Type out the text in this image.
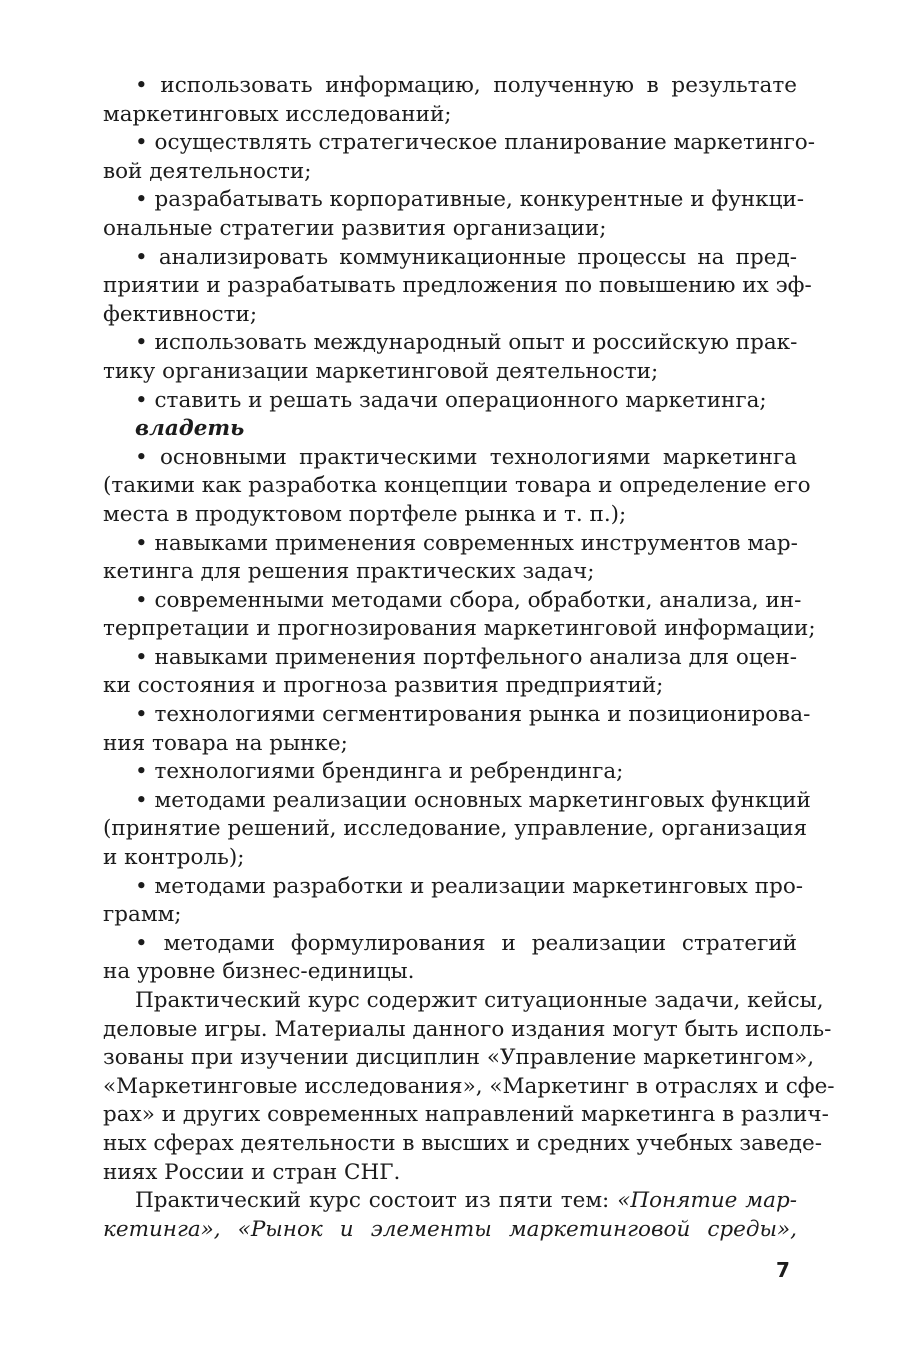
• использовать информацию, полученную в результате
маркетинговых исследований;
• осуществлять стратегическое планирование маркетинго-
вой деятельности;
• разрабатывать корпоративные, конкурентные и функци-
ональные стратегии развития организации;
• анализировать коммуникационные процессы на пред-
приятии и разрабатывать предложения по повышению их эф-
фективности;
• использовать международный опыт и российскую прак-
тику организации маркетинговой деятельности;
• ставить и решать задачи операционного маркетинга;
владеть
• основными практическими технологиями маркетинга
(такими как разработка концепции товара и определение его
места в продуктовом портфеле рынка и т. п.);
• навыками применения современных инструментов мар-
кетинга для решения практических задач;
• современными методами сбора, обработки, анализа, ин-
терпретации и прогнозирования маркетинговой информации;
• навыками применения портфельного анализа для оцен-
ки состояния и прогноза развития предприятий;
• технологиями сегментирования рынка и позиционирова-
ния товара на рынке;
• технологиями брендинга и ребрендинга;
• методами реализации основных маркетинговых функций
(принятие решений, исследование, управление, организация
и контроль);
• методами разработки и реализации маркетинговых про-
грамм;
• методами формулирования и реализации стратегий
на уровне бизнес-единицы.
Практический курс содержит ситуационные задачи, кейсы,
деловые игры. Материалы данного издания могут быть исполь-
зованы при изучении дисциплин «Управление маркетингом»,
«Маркетинговые исследования», «Маркетинг в отраслях и сфе-
рах» и других современных направлений маркетинга в различ-
ных сферах деятельности в высших и средних учебных заведе-
ниях России и стран СНГ.
Практический курс состоит из пяти тем: «Понятие мар-
кетинга», «Рынок и элементы маркетинговой среды»,
7
